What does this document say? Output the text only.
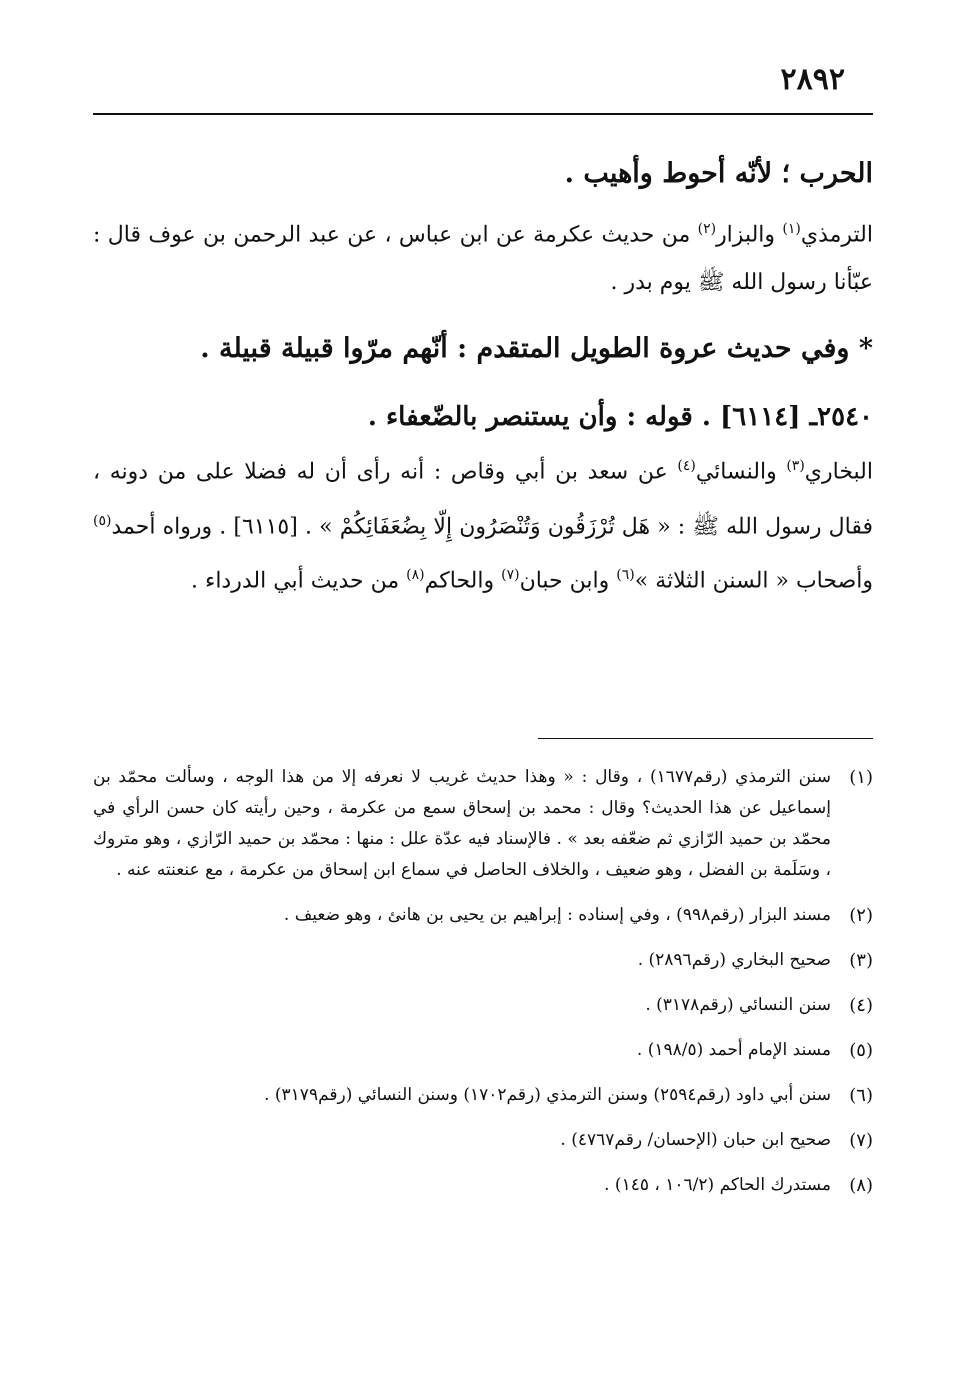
٢٨٩٢

الحرب ؛ لأنّه أحوط وأهيب .

الترمذي$^{(١)}$ والبزار$^{(٢)}$ من حديث عكرمة عن ابن عباس ، عن عبد الرحمن بن عوف قال : عبّأنا رسول الله ﷺ يوم بدر .

* وفي حديث عروة الطويل المتقدم : أنّهم مرّوا قبيلة قبيلة .

٢٥٤٠ـ [٦١١٤] . قوله : وأن يستنصر بالضّعفاء .

البخاري$^{(٣)}$ والنسائي$^{(٤)}$ عن سعد بن أبي وقاص : أنه رأى أن له فضلا على من دونه ، فقال رسول الله ﷺ : « هَل تُرْزَقُون وَتُنْصَرُون إِلّا بِضُعَفَائِكُمْ » . [٦١١٥] . ورواه أحمد$^{(٥)}$ وأصحاب « السنن الثلاثة »$^{(٦)}$ وابن حبان$^{(٧)}$ والحاكم$^{(٨)}$ من حديث أبي الدرداء .

(١)
سنن الترمذي (رقم١٦٧٧) ، وقال : « وهذا حديث غريب لا نعرفه إلا من هذا الوجه ، وسألت محمّد بن إسماعيل عن هذا الحديث؟ وقال : محمد بن إسحاق سمع من عكرمة ، وحين رأيته كان حسن الرأي في محمّد بن حميد الرّازي ثم ضعّفه بعد » . فالإسناد فيه عدّة علل : منها : محمّد بن حميد الرّازي ، وهو متروك ، وسَلَمة بن الفضل ، وهو ضعيف ، والخلاف الحاصل في سماع ابن إسحاق من عكرمة ، مع عنعنته عنه .
(٢)
مسند البزار (رقم٩٩٨) ، وفي إسناده : إبراهيم بن يحيى بن هانئ ، وهو ضعيف .
(٣)
صحيح البخاري (رقم٢٨٩٦) .
(٤)
سنن النسائي (رقم٣١٧٨) .
(٥)
مسند الإمام أحمد (١٩٨/٥) .
(٦)
سنن أبي داود (رقم٢٥٩٤) وسنن الترمذي (رقم١٧٠٢) وسنن النسائي (رقم٣١٧٩) .
(٧)
صحيح ابن حبان (الإحسان/ رقم٤٧٦٧) .
(٨)
مستدرك الحاكم (١٠٦/٢ ، ١٤٥) .
